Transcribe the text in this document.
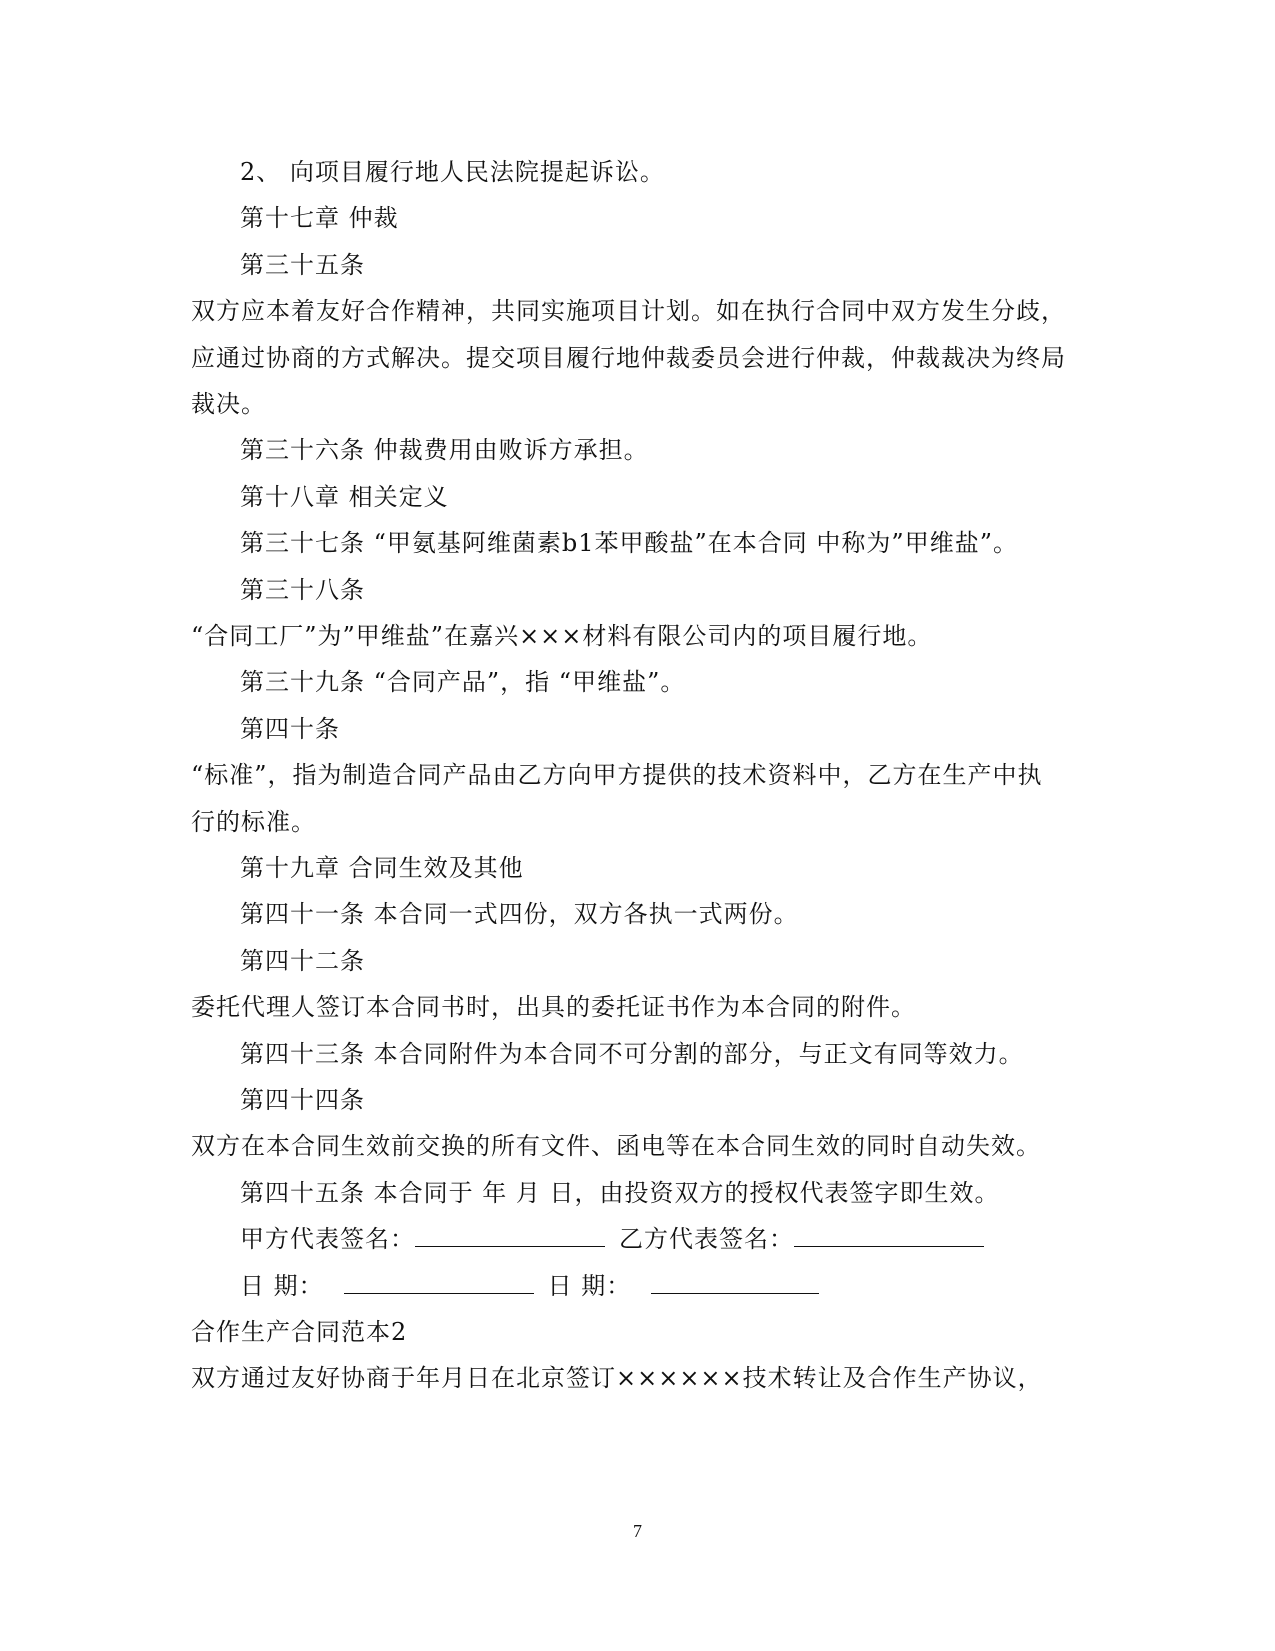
2、 向项目履行地人民法院提起诉讼。
第十七章 仲裁
第三十五条
双方应本着友好合作精神，共同实施项目计划。如在执行合同中双方发生分歧，
应通过协商的方式解决。提交项目履行地仲裁委员会进行仲裁，仲裁裁决为终局
裁决。
第三十六条 仲裁费用由败诉方承担。
第十八章 相关定义
第三十七条 “甲氨基阿维菌素b1苯甲酸盐”在本合同 中称为”甲维盐”。
第三十八条
“合同工厂”为”甲维盐”在嘉兴×××材料有限公司内的项目履行地。
第三十九条 “合同产品”，指 “甲维盐”。
第四十条
“标准”，指为制造合同产品由乙方向甲方提供的技术资料中，乙方在生产中执
行的标准。
第十九章 合同生效及其他
第四十一条 本合同一式四份，双方各执一式两份。
第四十二条
委托代理人签订本合同书时，出具的委托证书作为本合同的附件。
第四十三条 本合同附件为本合同不可分割的部分，与正文有同等效力。
第四十四条
双方在本合同生效前交换的所有文件、函电等在本合同生效的同时自动失效。
第四十五条 本合同于 年 月 日，由投资双方的授权代表签字即生效。
甲方代表签名：	乙方代表签名：
日 期：	日 期：
合作生产合同范本2
双方通过友好协商于年月日在北京签订××××××技术转让及合作生产协议，
7
